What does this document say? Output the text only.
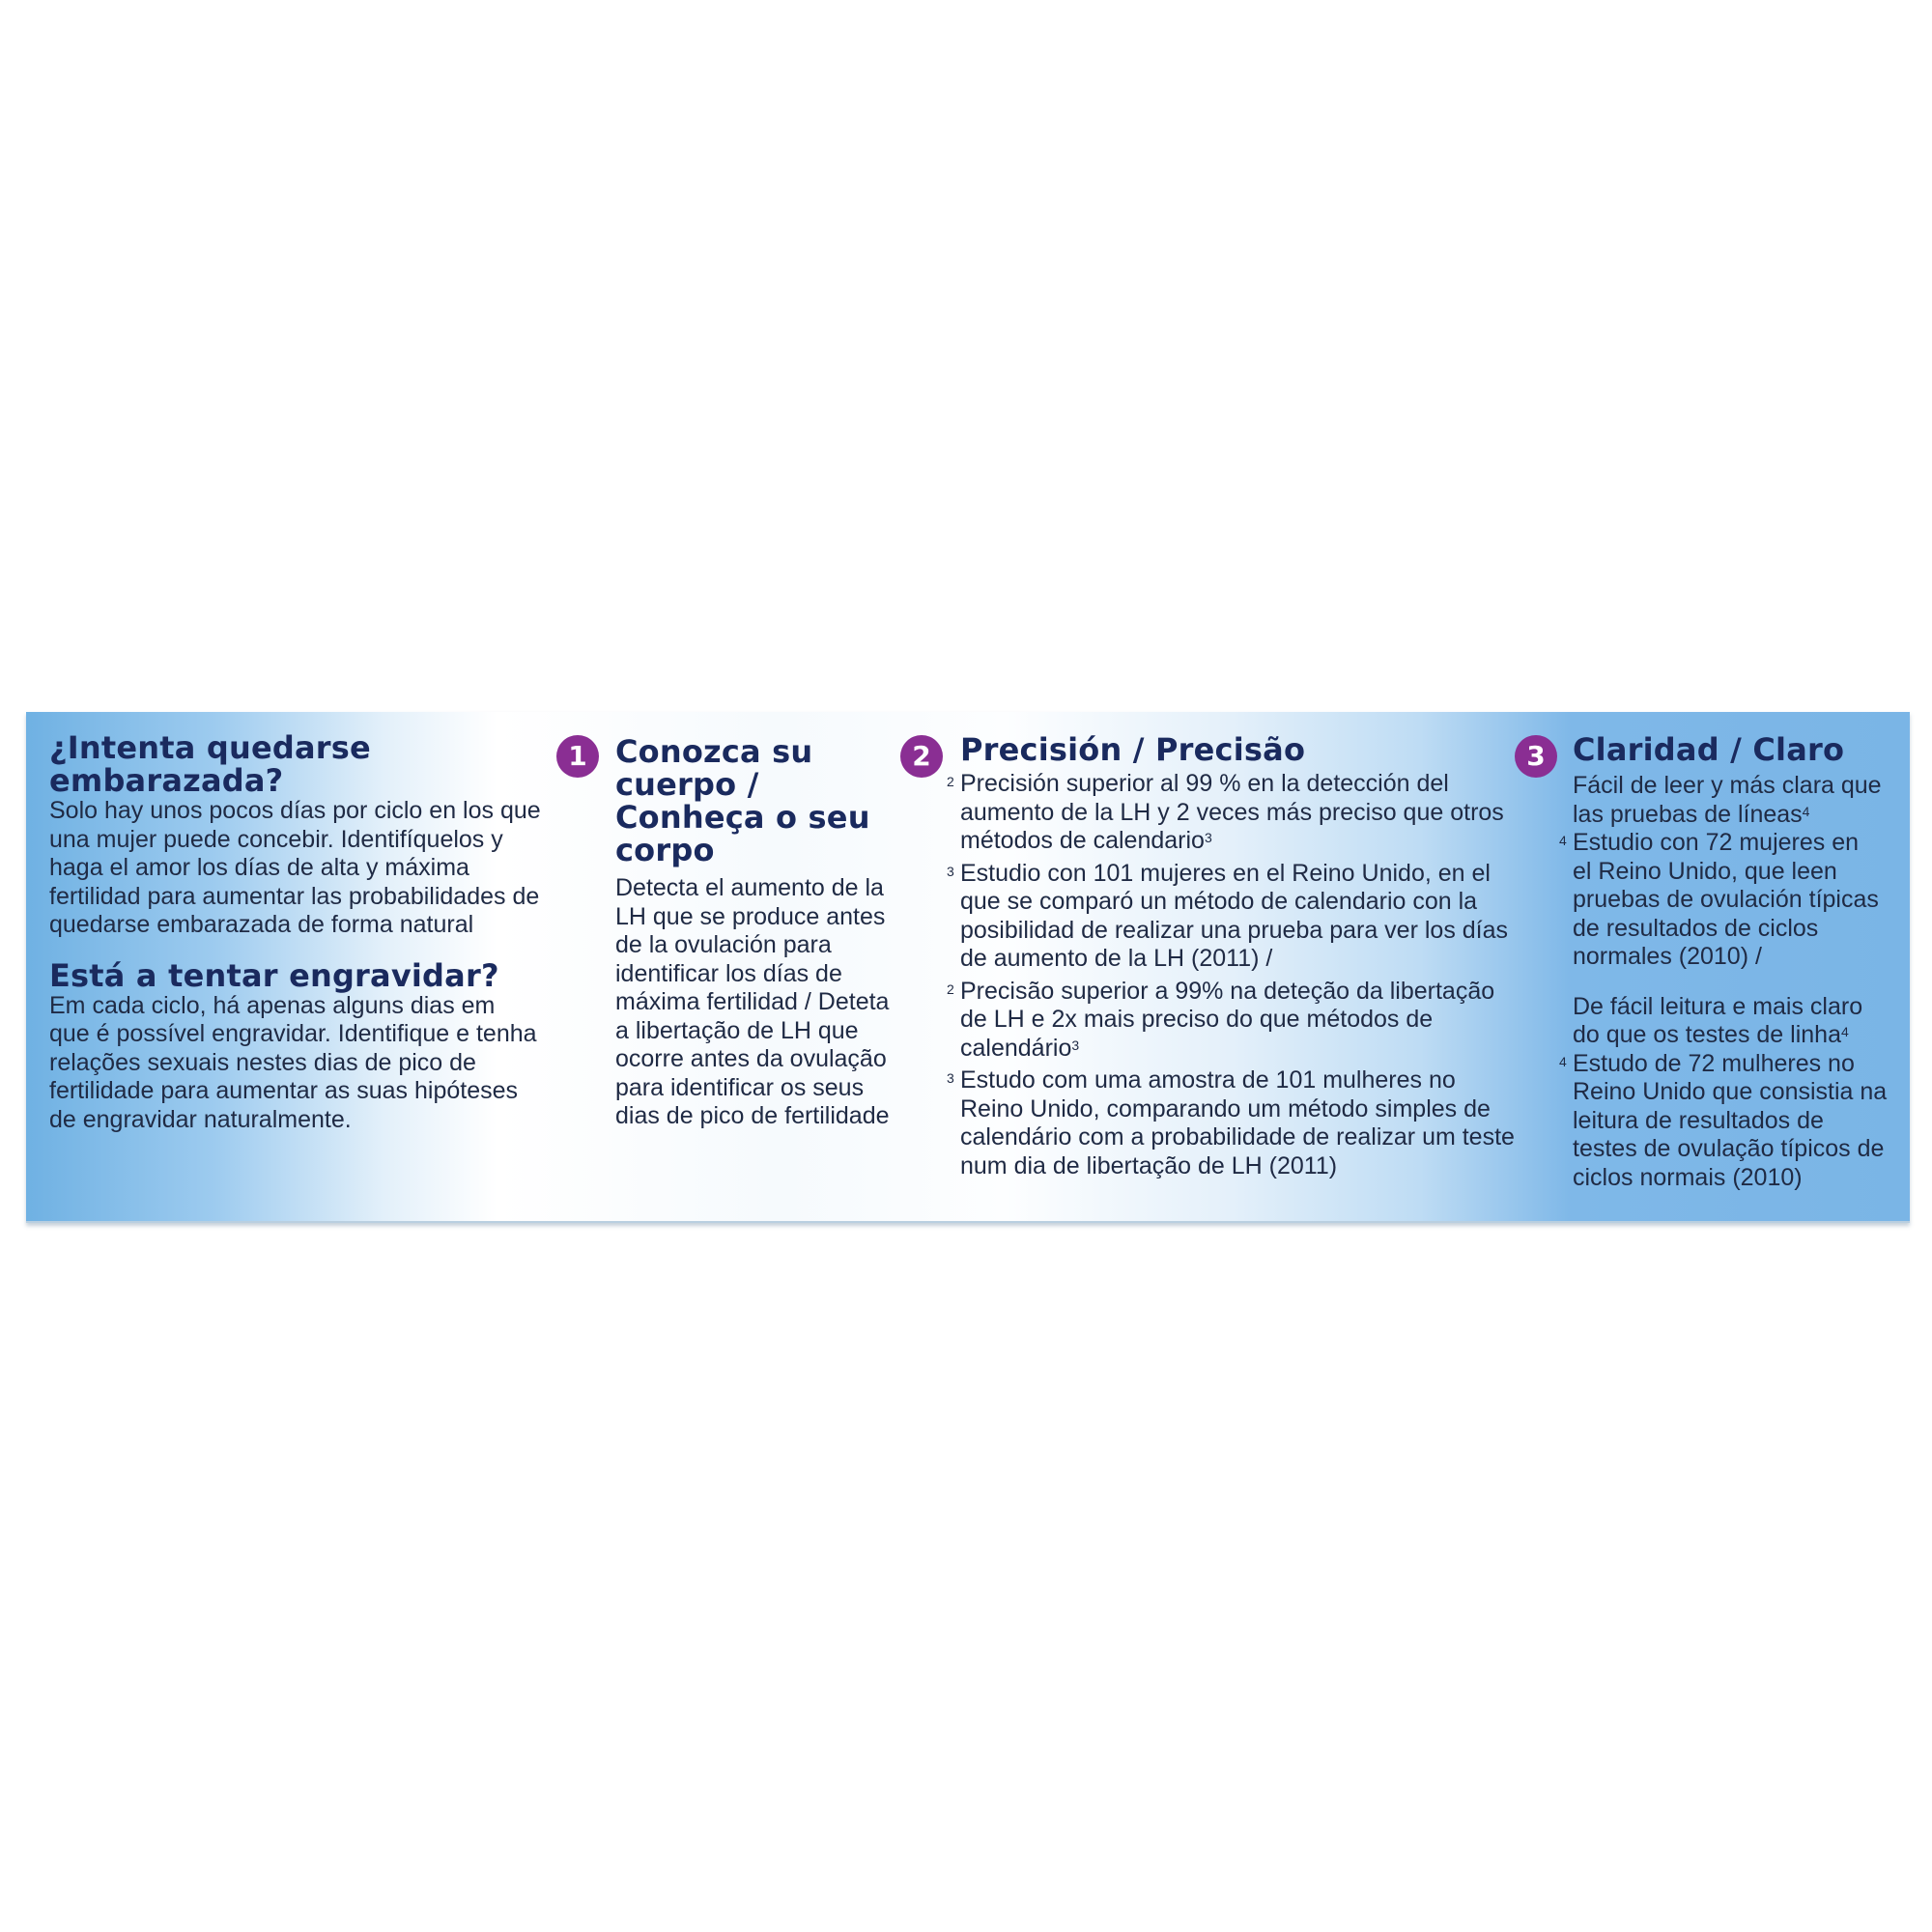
¿Intenta quedarse embarazada?

Solo hay unos pocos días por ciclo en los que una mujer puede concebir. Identifíquelos y haga el amor los días de alta y máxima fertilidad para aumentar las probabilidades de quedarse embarazada de forma natural

Está a tentar engravidar?

Em cada ciclo, há apenas alguns dias em que é possível engravidar. Identifique e tenha relações sexuais nestes dias de pico de fertilidade para aumentar as suas hipóteses de engravidar naturalmente.

1 Conozca su cuerpo / Conheça o seu corpo

Detecta el aumento de la LH que se produce antes de la ovulación para identificar los días de máxima fertilidad / Deteta a libertação de LH que ocorre antes da ovulação para identificar os seus dias de pico de fertilidade

2 Precisión / Precisão

2 Precisión superior al 99 % en la detección del aumento de la LH y 2 veces más preciso que otros métodos de calendario$^3$

3 Estudio con 101 mujeres en el Reino Unido, en el que se comparó un método de calendario con la posibilidad de realizar una prueba para ver los días de aumento de la LH (2011) /

2 Precisão superior a 99% na deteção da libertação de LH e 2x mais preciso do que métodos de calendário$^3$

3 Estudo com uma amostra de 101 mulheres no Reino Unido, comparando um método simples de calendário com a probabilidade de realizar um teste num dia de libertação de LH (2011)

3 Claridad / Claro

Fácil de leer y más clara que las pruebas de líneas$^4$

4 Estudio con 72 mujeres en el Reino Unido, que leen pruebas de ovulación típicas de resultados de ciclos normales (2010) /

De fácil leitura e mais claro do que os testes de linha$^4$

4 Estudo de 72 mulheres no Reino Unido que consistia na leitura de resultados de testes de ovulação típicos de ciclos normais (2010)
